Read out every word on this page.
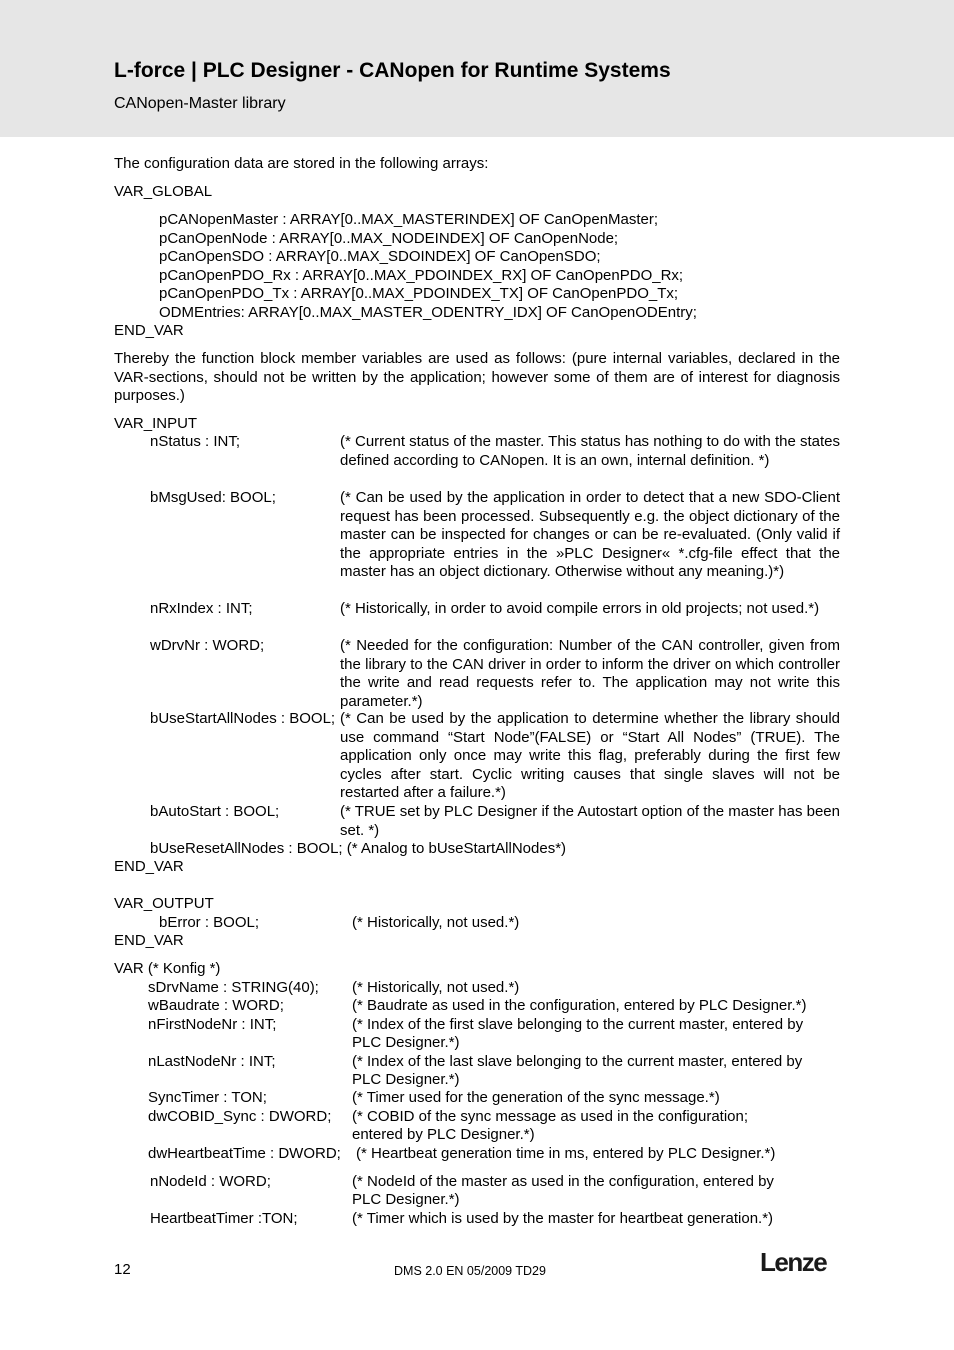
L-force | PLC Designer - CANopen for Runtime Systems
CANopen-Master library
The configuration data are stored in the following arrays:
VAR_GLOBAL
pCANopenMaster : ARRAY[0..MAX_MASTERINDEX] OF CanOpenMaster;
pCanOpenNode : ARRAY[0..MAX_NODEINDEX] OF CanOpenNode;
pCanOpenSDO : ARRAY[0..MAX_SDOINDEX] OF CanOpenSDO;
pCanOpenPDO_Rx : ARRAY[0..MAX_PDOINDEX_RX] OF CanOpenPDO_Rx;
pCanOpenPDO_Tx : ARRAY[0..MAX_PDOINDEX_TX] OF CanOpenPDO_Tx;
ODMEntries: ARRAY[0..MAX_MASTER_ODENTRY_IDX] OF CanOpenODEntry;
END_VAR
Thereby the function block member variables are used as follows: (pure internal variables, declared in the VAR-sections, should not be written by the application; however some of them are of interest for diagnosis purposes.)
VAR_INPUT
nStatus : INT;	(* Current status of the master. This status has nothing to do with the states defined according to CANopen. It is an own, internal definition. *)
bMsgUsed: BOOL;	(* Can be used by the application in order to detect that a new SDO-Client request has been processed. Subsequently e.g. the object dictionary of the master can be inspected for changes or can be re-evaluated. (Only valid if the appropriate entries in the »PLC Designer« *.cfg-file effect that the master has an object dictionary. Otherwise without any meaning.)*)
nRxIndex : INT;	(* Historically, in order to avoid compile errors in old projects; not used.*)
wDrvNr : WORD;	(* Needed for the configuration: Number of the CAN controller, given from the library to the CAN driver in order to inform the driver on which controller the write and read requests refer to. The application may not write this parameter.*)
bUseStartAllNodes : BOOL; (* Can be used by the application to determine whether the library should use command “Start Node”(FALSE) or “Start All Nodes” (TRUE). The application only once may write this flag, preferably during the first few cycles after start. Cyclic writing causes that single slaves will not be restarted after a failure.*)
bAutoStart : BOOL;	(* TRUE set by PLC Designer if the Autostart option of the master has been set. *)
bUseResetAllNodes : BOOL; (* Analog to bUseStartAllNodes*)
END_VAR
VAR_OUTPUT
bError : BOOL;	(* Historically, not used.*)
END_VAR
VAR (* Konfig *)
sDrvName : STRING(40); (* Historically, not used.*)
wBaudrate : WORD;	(* Baudrate as used in the configuration, entered by PLC Designer.*)
nFirstNodeNr : INT;	(* Index of the first slave belonging to the current master, entered by
PLC Designer.*)
nLastNodeNr : INT;	(* Index of the last slave belonging to the current master, entered by
PLC Designer.*)
SyncTimer : TON;	(* Timer used for the generation of the sync message.*)
dwCOBID_Sync : DWORD; (* COBID of the sync message as used in the configuration;
entered by PLC Designer.*)
dwHeartbeatTime : DWORD; (* Heartbeat generation time in ms, entered by PLC Designer.*)
nNodeId : WORD;	(* NodeId of the master as used in the configuration, entered by
PLC Designer.*)
HeartbeatTimer :TON;	(* Timer which is used by the master for heartbeat generation.*)
12	DMS 2.0 EN 05/2009 TD29	Lenze
